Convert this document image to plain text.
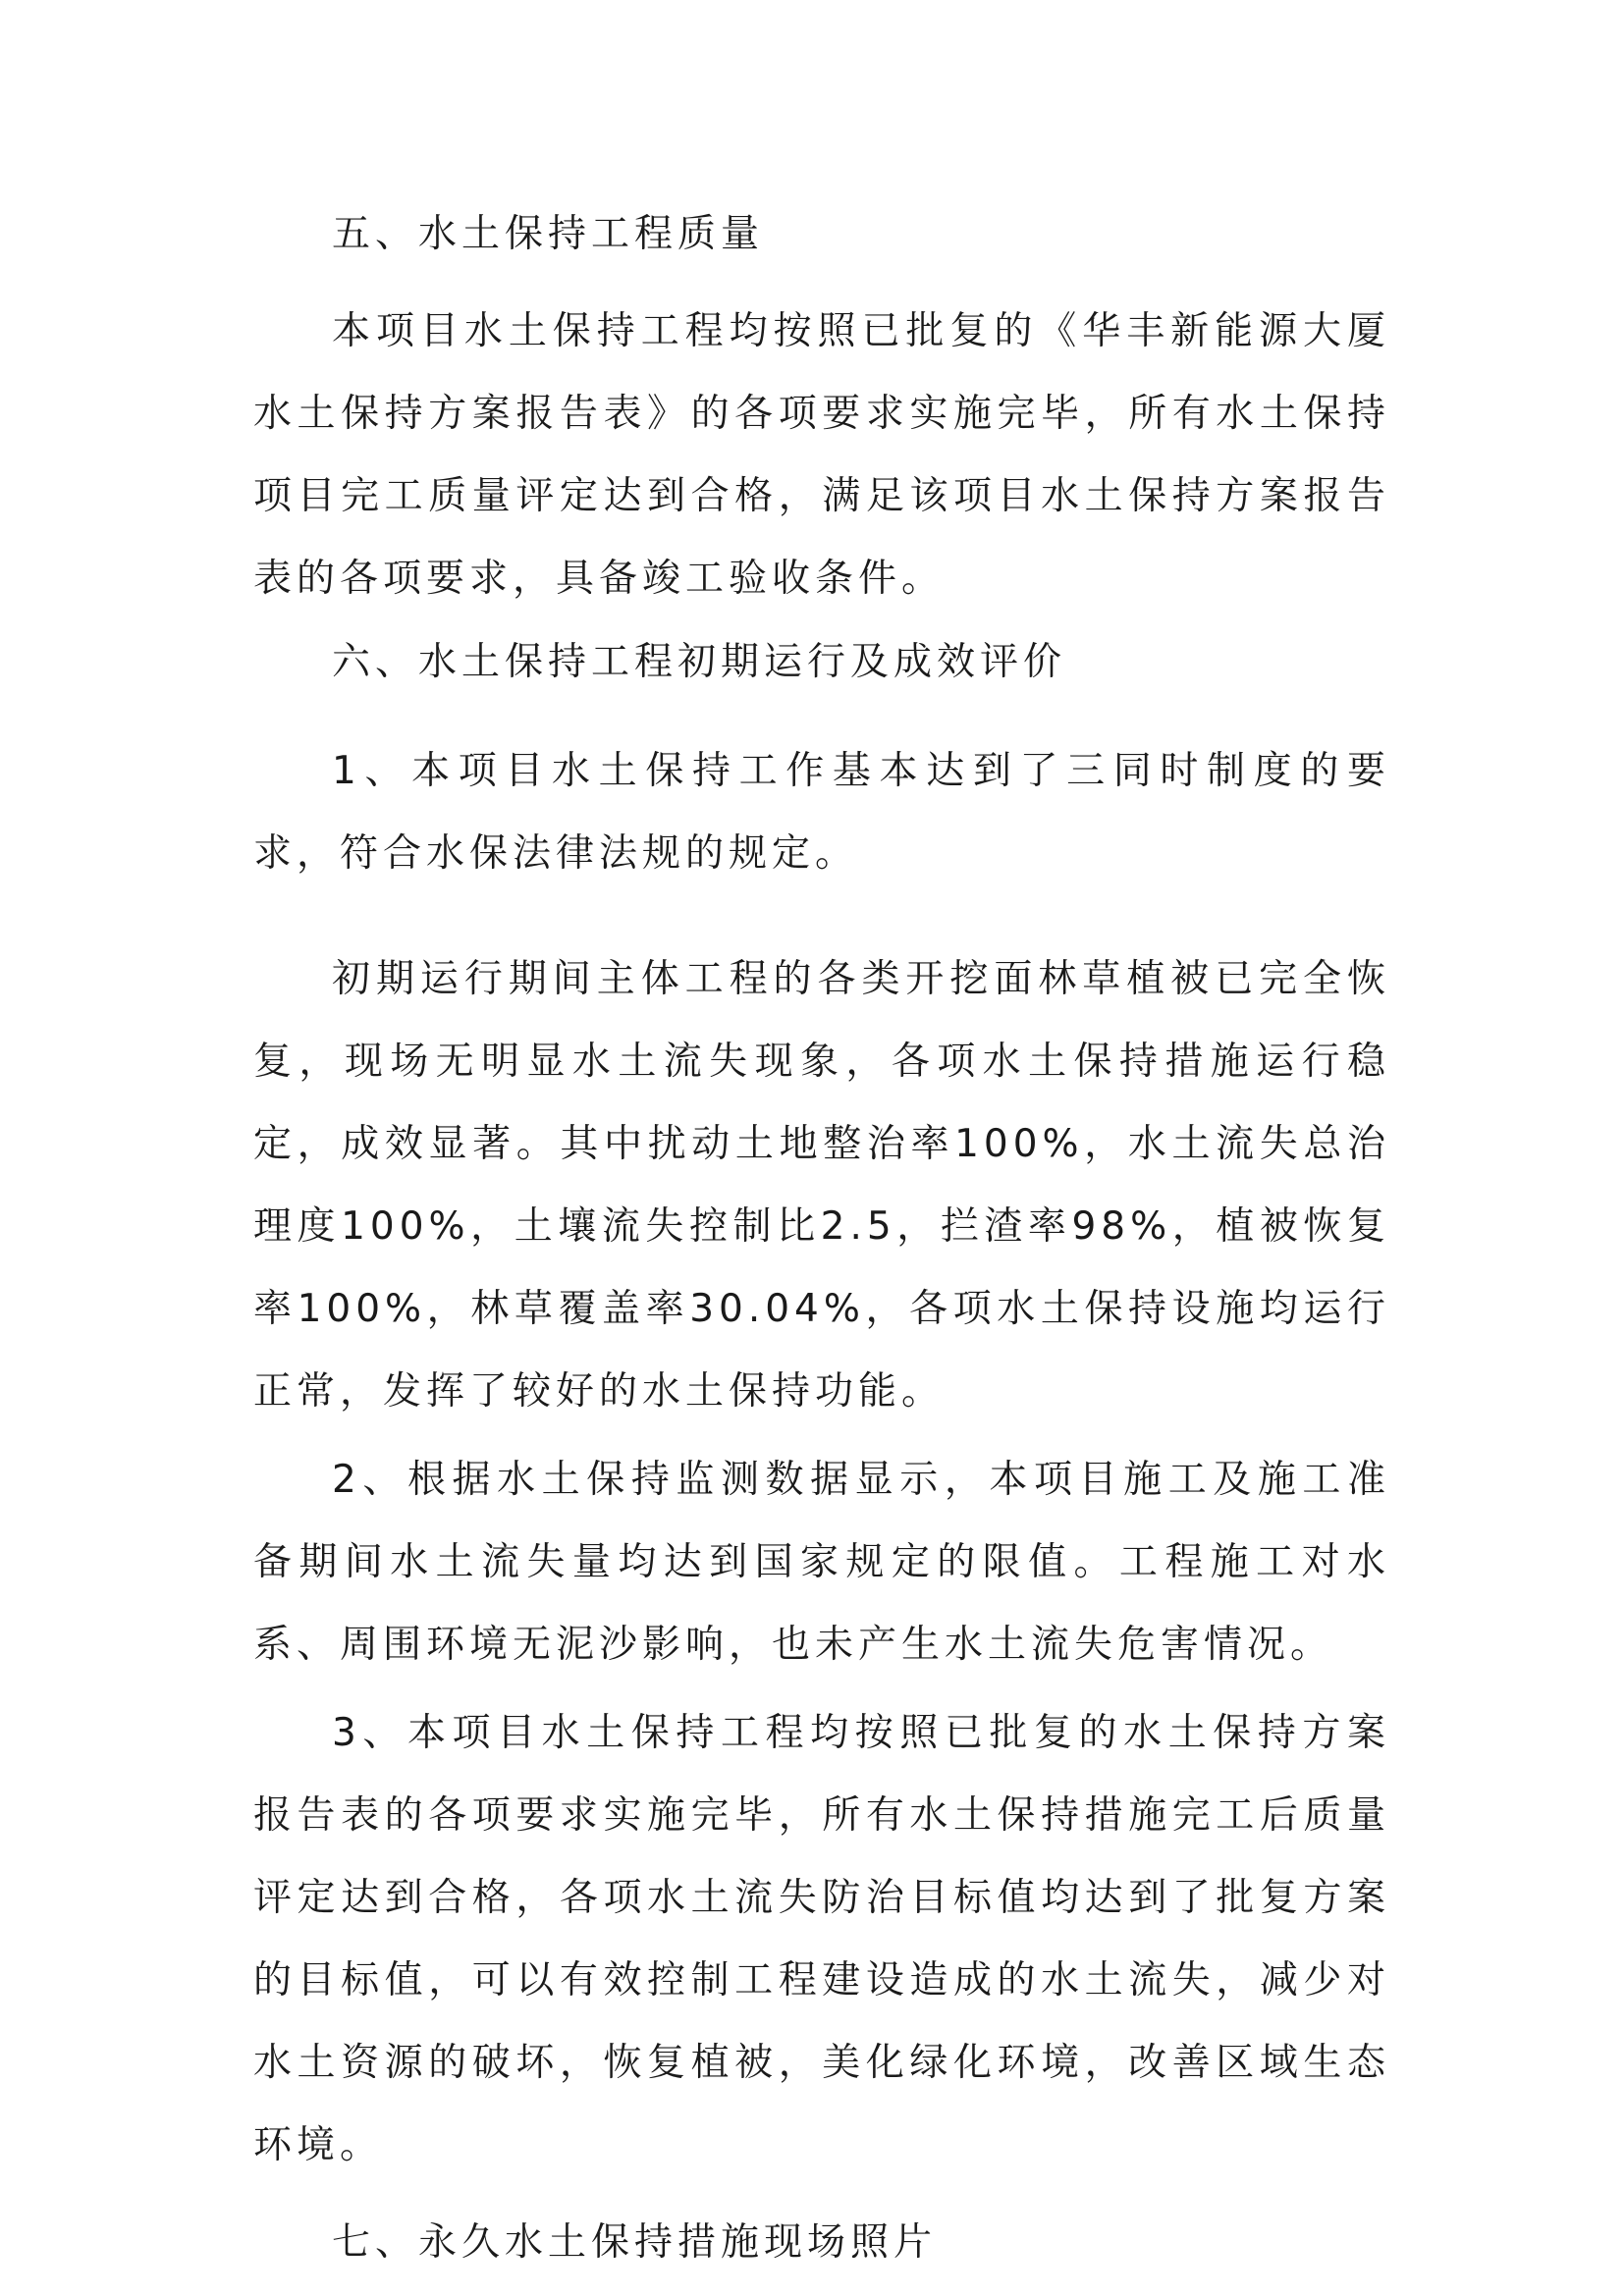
五、水土保持工程质量

本项目水土保持工程均按照已批复的《华丰新能源大厦水土保持方案报告表》的各项要求实施完毕，所有水土保持项目完工质量评定达到合格，满足该项目水土保持方案报告表的各项要求，具备竣工验收条件。

六、水土保持工程初期运行及成效评价

1、本项目水土保持工作基本达到了三同时制度的要求，符合水保法律法规的规定。

初期运行期间主体工程的各类开挖面林草植被已完全恢复，现场无明显水土流失现象，各项水土保持措施运行稳定，成效显著。其中扰动土地整治率100%，水土流失总治理度100%，土壤流失控制比2.5，拦渣率98%，植被恢复率100%，林草覆盖率30.04%，各项水土保持设施均运行正常，发挥了较好的水土保持功能。

2、根据水土保持监测数据显示，本项目施工及施工准备期间水土流失量均达到国家规定的限值。工程施工对水系、周围环境无泥沙影响，也未产生水土流失危害情况。

3、本项目水土保持工程均按照已批复的水土保持方案报告表的各项要求实施完毕，所有水土保持措施完工后质量评定达到合格，各项水土流失防治目标值均达到了批复方案的目标值，可以有效控制工程建设造成的水土流失，减少对水土资源的破坏，恢复植被，美化绿化环境，改善区域生态环境。

七、永久水土保持措施现场照片
